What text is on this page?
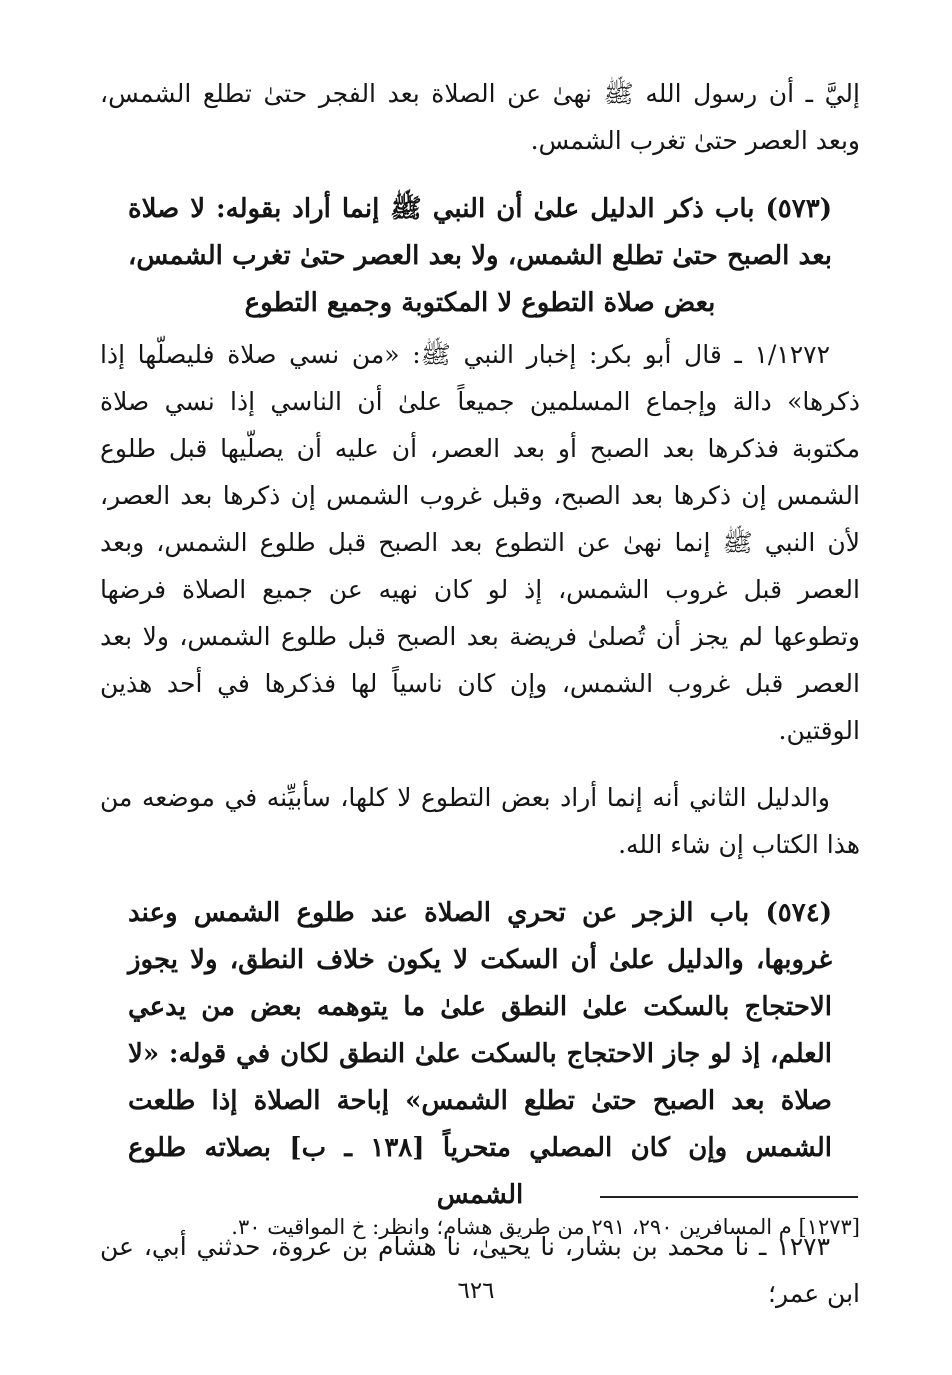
إليَّ ـ أن رسول الله ﷺ نهىٰ عن الصلاة بعد الفجر حتىٰ تطلع الشمس، وبعد العصر حتىٰ تغرب الشمس.

(٥٧٣) باب ذكر الدليل علىٰ أن النبي ﷺ إنما أراد بقوله: لا صلاة بعد الصبح حتىٰ تطلع الشمس، ولا بعد العصر حتىٰ تغرب الشمس، بعض صلاة التطوع لا المكتوبة وجميع التطوع

١/١٢٧٢ ـ قال أبو بكر: إخبار النبي ﷺ: «من نسي صلاة فليصلّها إذا ذكرها» دالة وإجماع المسلمين جميعاً علىٰ أن الناسي إذا نسي صلاة مكتوبة فذكرها بعد الصبح أو بعد العصر، أن عليه أن يصلّيها قبل طلوع الشمس إن ذكرها بعد الصبح، وقبل غروب الشمس إن ذكرها بعد العصر، لأن النبي ﷺ إنما نهىٰ عن التطوع بعد الصبح قبل طلوع الشمس، وبعد العصر قبل غروب الشمس، إذ لو كان نهيه عن جميع الصلاة فرضها وتطوعها لم يجز أن تُصلىٰ فريضة بعد الصبح قبل طلوع الشمس، ولا بعد العصر قبل غروب الشمس، وإن كان ناسياً لها فذكرها في أحد هذين الوقتين.

والدليل الثاني أنه إنما أراد بعض التطوع لا كلها، سأبيِّنه في موضعه من هذا الكتاب إن شاء الله.

(٥٧٤) باب الزجر عن تحري الصلاة عند طلوع الشمس وعند غروبها، والدليل علىٰ أن السكت لا يكون خلاف النطق، ولا يجوز الاحتجاج بالسكت علىٰ النطق علىٰ ما يتوهمه بعض من يدعي العلم، إذ لو جاز الاحتجاج بالسكت علىٰ النطق لكان في قوله: «لا صلاة بعد الصبح حتىٰ تطلع الشمس» إباحة الصلاة إذا طلعت الشمس وإن كان المصلي متحرياً [١٣٨ ـ ب] بصلاته طلوع الشمس

١٢٧٣ ـ نا محمد بن بشار، نا يحيىٰ، نا هشام بن عروة، حدثني أبي، عن ابن عمر؛

[١٢٧٣] م المسافرين ٢٩٠، ٢٩١ من طريق هشام؛ وانظر: خ المواقيت ٣٠.
٦٢٦
